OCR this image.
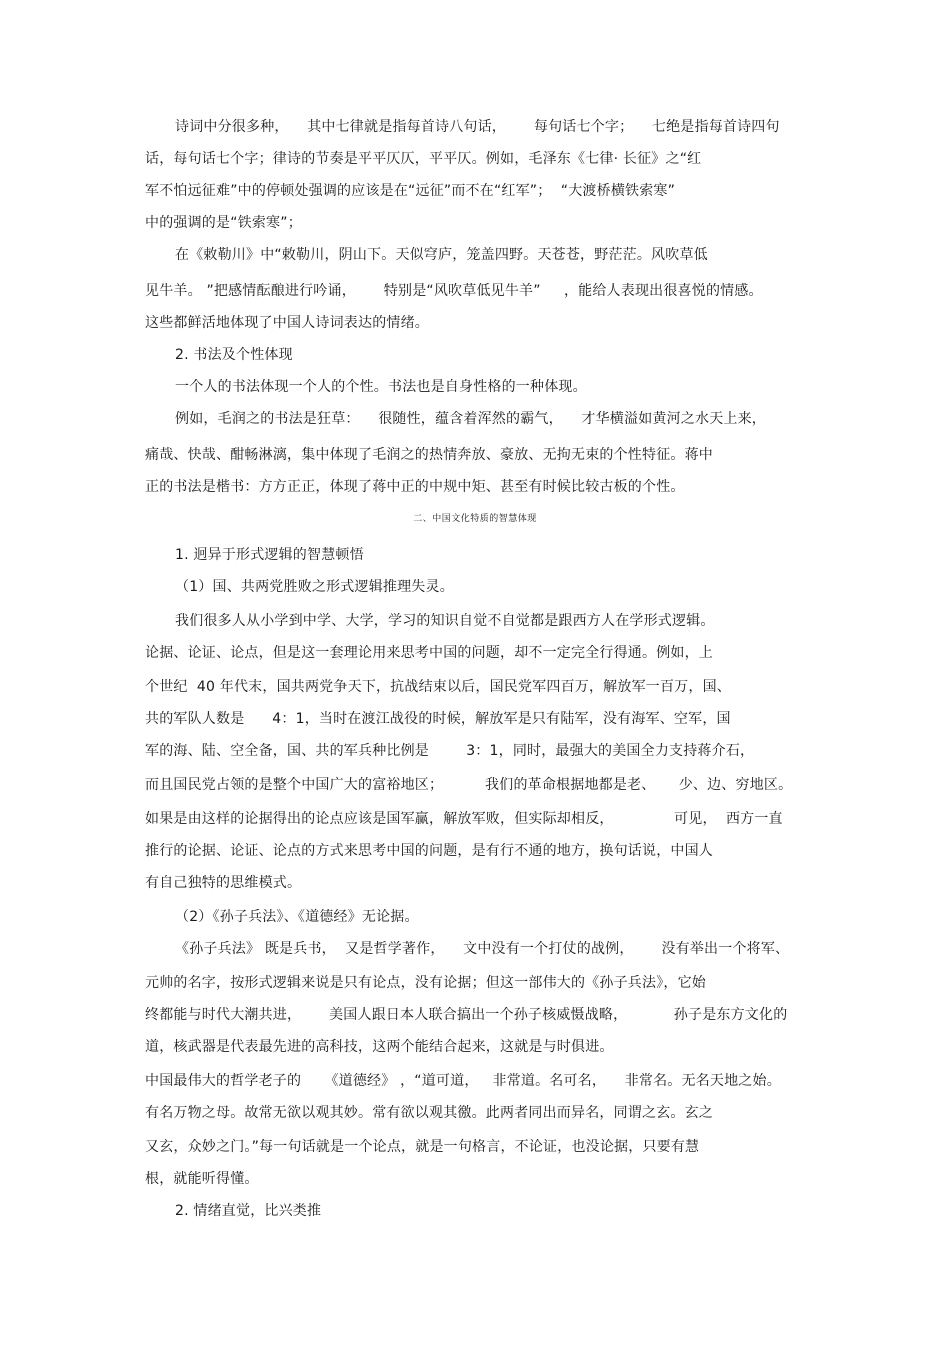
诗词中分很多种，    其中七律就是指每首诗八句话，      每句话七个字；    七绝是指每首诗四句
话，每句话七个字；律诗的节奏是平平仄仄，平平仄。例如，毛泽东《七律· 长征》之“红
军不怕远征难”中的停顿处强调的应该是在“远征”而不在“红军”；  “大渡桥横铁索寒”
中的强调的是“铁索寒”；
在《敕勒川》中“敕勒川，阴山下。天似穹庐，笼盖四野。天苍苍，野茫茫。风吹草低
见牛羊。 ”把感情酝酿进行吟诵，      特别是“风吹草低见牛羊”     ，能给人表现出很喜悦的情感。
这些都鲜活地体现了中国人诗词表达的情绪。
2. 书法及个性体现
一个人的书法体现一个人的个性。书法也是自身性格的一种体现。
例如，毛润之的书法是狂草：    很随性，蕴含着浑然的霸气，    才华横溢如黄河之水天上来，
痛哉、快哉、酣畅淋漓，集中体现了毛润之的热情奔放、豪放、无拘无束的个性特征。蒋中
正的书法是楷书：方方正正，体现了蒋中正的中规中矩、甚至有时候比较古板的个性。
二、中国文化特质的智慧体现
1. 迥异于形式逻辑的智慧顿悟
（1）国、共两党胜败之形式逻辑推理失灵。
我们很多人从小学到中学、大学，学习的知识自觉不自觉都是跟西方人在学形式逻辑。
论据、论证、论点，但是这一套理论用来思考中国的问题，却不一定完全行得通。例如，上
个世纪  40 年代末，国共两党争天下，抗战结束以后，国民党军四百万，解放军一百万，国、
共的军队人数是      4：1，当时在渡江战役的时候，解放军是只有陆军，没有海军、空军，国
军的海、陆、空全备，国、共的军兵种比例是        3：1，同时，最强大的美国全力支持蒋介石，
而且国民党占领的是整个中国广大的富裕地区；         我们的革命根据地都是老、     少、边、穷地区。
如果是由这样的论据得出的论点应该是国军赢，解放军败，但实际却相反，             可见，  西方一直
推行的论据、论证、论点的方式来思考中国的问题，是有行不通的地方，换句话说，中国人
有自己独特的思维模式。
（2）《孙子兵法》、《道德经》无论据。
《孙子兵法》 既是兵书，  又是哲学著作，    文中没有一个打仗的战例，      没有举出一个将军、
元帅的名字，按形式逻辑来说是只有论点，没有论据；但这一部伟大的《孙子兵法》，它始
终都能与时代大潮共进，      美国人跟日本人联合搞出一个孙子核威慑战略，          孙子是东方文化的
道，核武器是代表最先进的高科技，这两个能结合起来，这就是与时俱进。
中国最伟大的哲学老子的     《道德经》 ，“道可道，   非常道。名可名，    非常名。无名天地之始。
有名万物之母。故常无欲以观其妙。常有欲以观其徼。此两者同出而异名，同谓之玄。玄之
又玄，众妙之门。”每一句话就是一个论点，就是一句格言，不论证，也没论据，只要有慧
根，就能听得懂。
2. 情绪直觉，比兴类推
